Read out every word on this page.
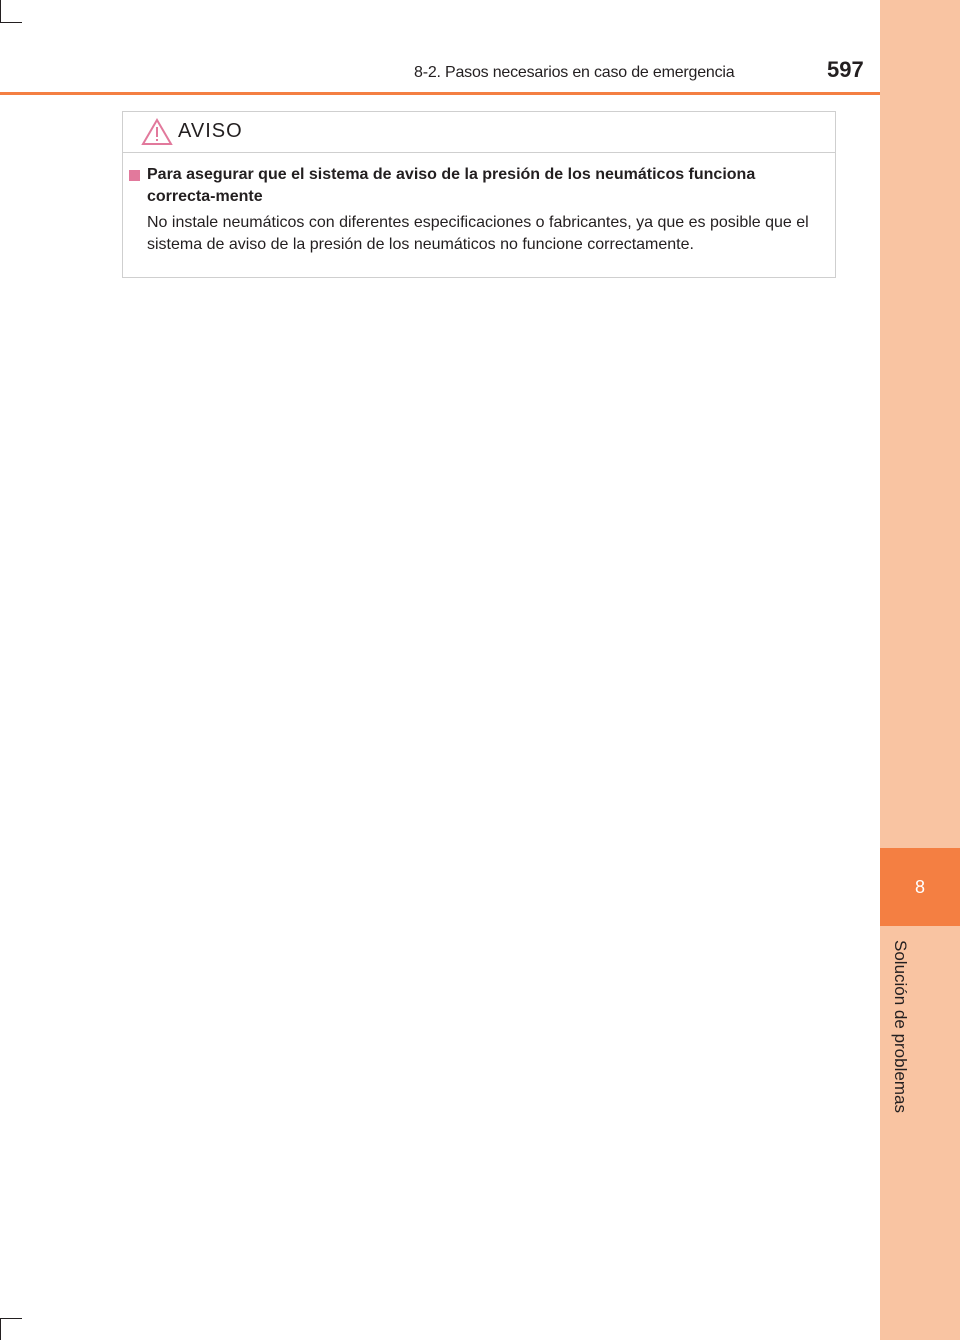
8
Solución de problemas
8-2. Pasos necesarios en caso de emergencia	597
AVISO
Para asegurar que el sistema de aviso de la presión de los neumáticos funciona correcta-mente
No instale neumáticos con diferentes especificaciones o fabricantes, ya que es posible que el sistema de aviso de la presión de los neumáticos no funcione correctamente.
